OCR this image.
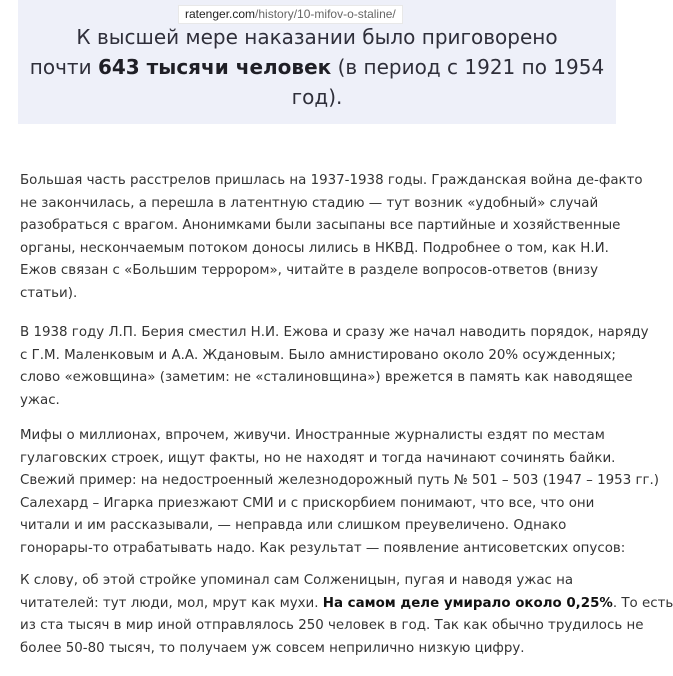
ratenger.com/history/10-mifov-o-staline/

К высшей мере наказании было приговорено
почти 643 тысячи человек (в период с 1921 по 1954
год).

Большая часть расстрелов пришлась на 1937-1938 годы. Гражданская война де-факто
не закончилась, а перешла в латентную стадию — тут возник «удобный» случай
разобраться с врагом. Анонимками были засыпаны все партийные и хозяйственные
органы, нескончаемым потоком доносы лились в НКВД. Подробнее о том, как Н.И.
Ежов связан с «Большим террором», читайте в разделе вопросов-ответов (внизу
статьи).

В 1938 году Л.П. Берия сместил Н.И. Ежова и сразу же начал наводить порядок, наряду
с Г.М. Маленковым и А.А. Ждановым. Было амнистировано около 20% осужденных;
слово «ежовщина» (заметим: не «сталиновщина») врежется в память как наводящее
ужас.

Мифы о миллионах, впрочем, живучи. Иностранные журналисты ездят по местам
гулаговских строек, ищут факты, но не находят и тогда начинают сочинять байки.
Свежий пример: на недостроенный железнодорожный путь № 501 – 503 (1947 – 1953 гг.)
Салехард – Игарка приезжают СМИ и с прискорбием понимают, что все, что они
читали и им рассказывали, — неправда или слишком преувеличено. Однако
гонорары-то отрабатывать надо. Как результат — появление антисоветских опусов:

К слову, об этой стройке упоминал сам Солженицын, пугая и наводя ужас на
читателей: тут люди, мол, мрут как мухи. На самом деле умирало около 0,25%. То есть
из ста тысяч в мир иной отправлялось 250 человек в год. Так как обычно трудилось не
более 50-80 тысяч, то получаем уж совсем неприлично низкую цифру.
